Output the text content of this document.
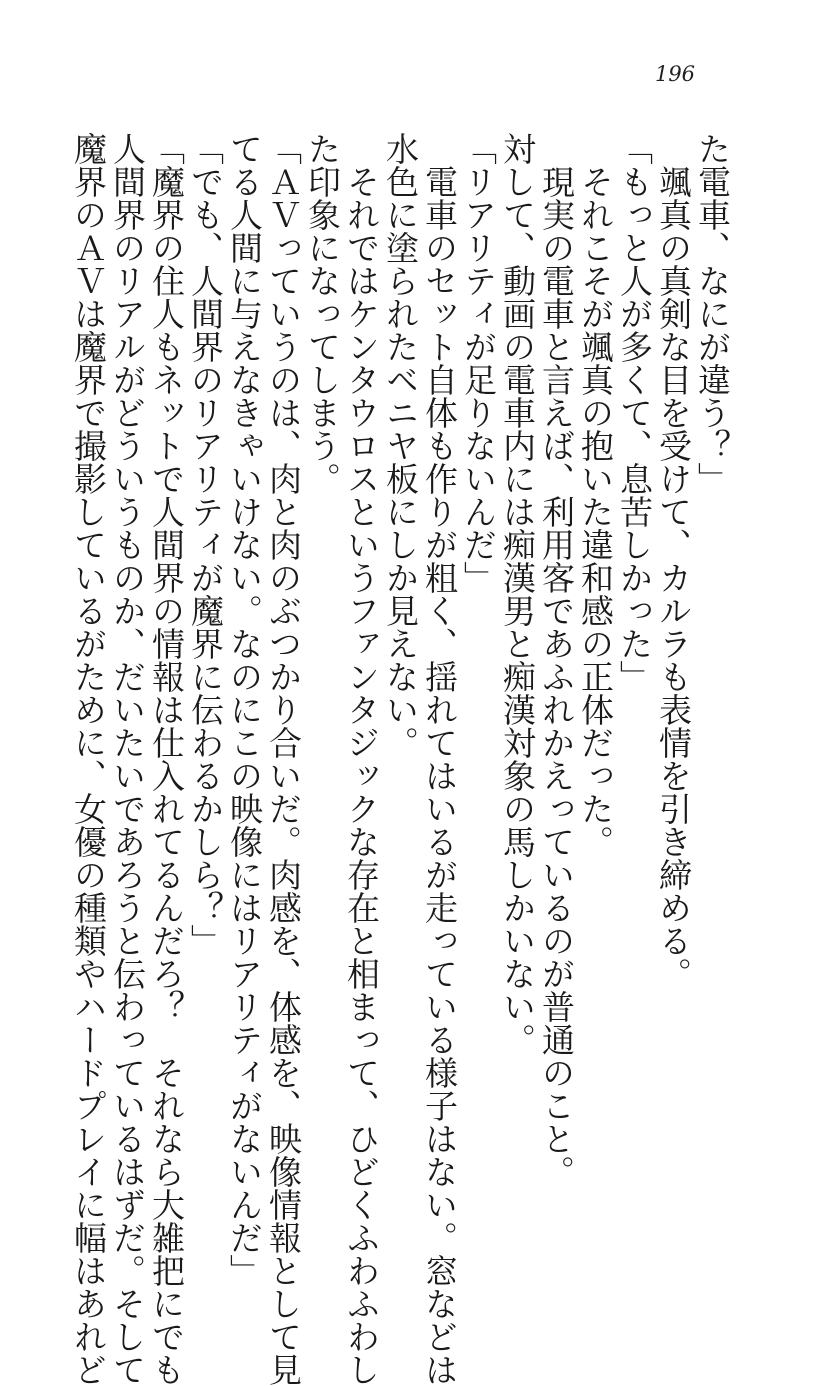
196
た電車、なにが違う？」
颯真の真剣な目を受けて、カルラも表情を引き締める。
「もっと人が多くて、息苦しかった」
それこそが颯真の抱いた違和感の正体だった。
現実の電車と言えば、利用客であふれかえっているのが普通のこと。
対して、動画の電車内には痴漢男と痴漢対象の馬しかいない。
「リアリティが足りないんだ」
電車のセット自体も作りが粗く、揺れてはいるが走っている様子はない。窓などは
水色に塗られたベニヤ板にしか見えない。
それではケンタウロスというファンタジックな存在と相まって、ひどくふわふわし
た印象になってしまう。
「ＡＶっていうのは、肉と肉のぶつかり合いだ。肉感を、体感を、映像情報として見
てる人間に与えなきゃいけない。なのにこの映像にはリアリティがないんだ」
「でも、人間界のリアリティが魔界に伝わるかしら？」
「魔界の住人もネットで人間界の情報は仕入れてるんだろ？　それなら大雑把にでも
人間界のリアルがどういうものか、だいたいであろうと伝わっているはずだ。そして
魔界のＡＶは魔界で撮影しているがために、女優の種類やハードプレイに幅はあれど
